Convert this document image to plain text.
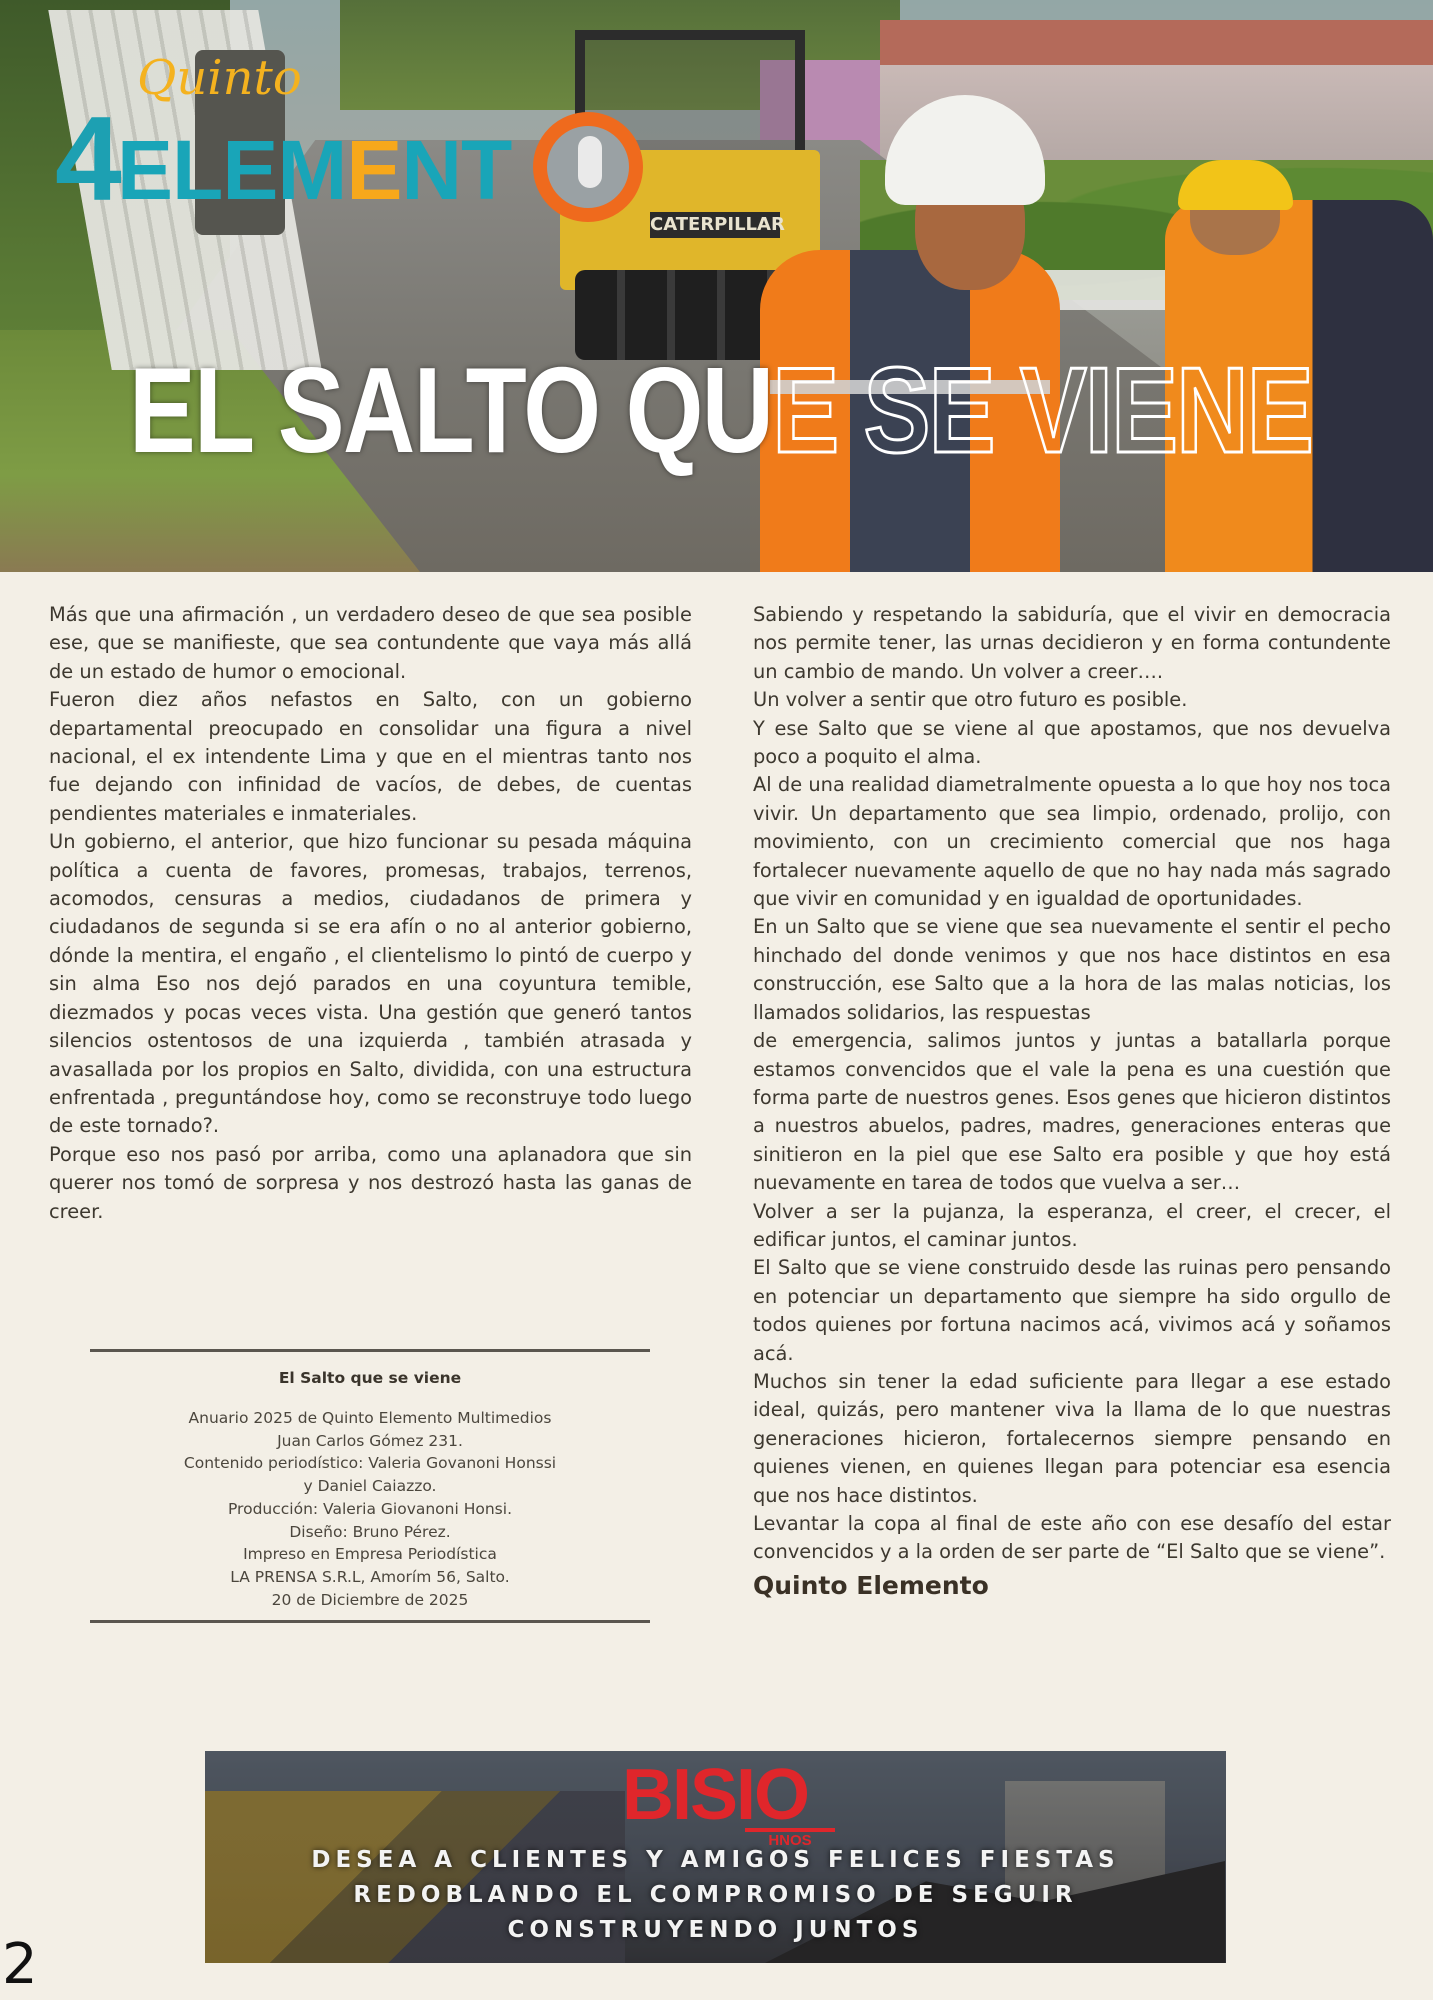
CATERPILLAR
4
Quinto
ELEMENT
EL SALTO QUE SE VIENE

Más que una afirmación , un verdadero deseo de que sea posible ese, que se manifieste, que sea contundente que vaya más allá de un estado de humor o emocional.

Fueron diez años nefastos en Salto, con un gobierno departamental preocupado en consolidar una figura a nivel nacional, el ex intendente Lima y que en el mientras tanto nos fue dejando con infinidad de vacíos, de debes, de cuentas pendientes materiales e inmateriales.

Un gobierno, el anterior, que hizo funcionar su pesada máquina política a cuenta de favores, promesas, trabajos, terrenos, acomodos, censuras a medios, ciudadanos de primera y ciudadanos de segunda si se era afín o no al anterior gobierno, dónde la mentira, el engaño , el clientelismo lo pintó de cuerpo y sin alma Eso nos dejó parados en una coyuntura temible, diezmados y pocas veces vista. Una gestión que generó tantos silencios ostentosos de una izquierda , también atrasada y avasallada por los propios en Salto, dividida, con una estructura enfrentada , preguntándose hoy, como se reconstruye todo luego de este tornado?.

Porque eso nos pasó por arriba, como una aplanadora que sin querer nos tomó de sorpresa y nos destrozó hasta las ganas de creer.

Sabiendo y respetando la sabiduría, que el vivir en democracia nos permite tener, las urnas decidieron y en forma contundente un cambio de mando. Un volver a creer….

Un volver a sentir que otro futuro es posible.

Y ese Salto que se viene al que apostamos, que nos devuelva poco a poquito el alma.

Al de una realidad diametralmente opuesta a lo que hoy nos toca vivir. Un departamento que sea limpio, ordenado, prolijo, con movimiento, con un crecimiento comercial que nos haga fortalecer nuevamente aquello de que no hay nada más sagrado que vivir en comunidad y en igualdad de oportunidades.

En un Salto que se viene que sea nuevamente el sentir el pecho hinchado del donde venimos y que nos hace distintos en esa construcción, ese Salto que a la hora de las malas noticias, los llamados solidarios, las respuestas

de emergencia, salimos juntos y juntas a batallarla porque estamos convencidos que el vale la pena es una cuestión que forma parte de nuestros genes. Esos genes que hicieron distintos a nuestros abuelos, padres, madres, generaciones enteras que sinitieron en la piel que ese Salto era posible y que hoy está nuevamente en tarea de todos que vuelva a ser…

Volver a ser la pujanza, la esperanza, el creer, el crecer, el edificar juntos, el caminar juntos.

El Salto que se viene construido desde las ruinas pero pensando en potenciar un departamento que siempre ha sido orgullo de todos quienes por fortuna nacimos acá, vivimos acá y soñamos acá.

Muchos sin tener la edad suficiente para llegar a ese estado ideal, quizás, pero mantener viva la llama de lo que nuestras generaciones hicieron, fortalecernos siempre pensando en quienes vienen, en quienes llegan para potenciar esa esencia que nos hace distintos.

Levantar la copa al final de este año con ese desafío del estar convencidos y a la orden de ser parte de “El Salto que se viene”.

Quinto Elemento
El Salto que se viene
Anuario 2025 de Quinto Elemento Multimedios
Juan Carlos Gómez 231.
Contenido periodístico: Valeria Govanoni Honssi
y Daniel Caiazzo.
Producción: Valeria Giovanoni Honsi.
Diseño: Bruno Pérez.
Impreso en Empresa Periodística
LA PRENSA S.R.L, Amorím 56, Salto.
20 de Diciembre de 2025
BISIO
HNOS
DESEA A CLIENTES Y AMIGOS FELICES FIESTAS
REDOBLANDO EL COMPROMISO DE SEGUIR
CONSTRUYENDO JUNTOS
2
